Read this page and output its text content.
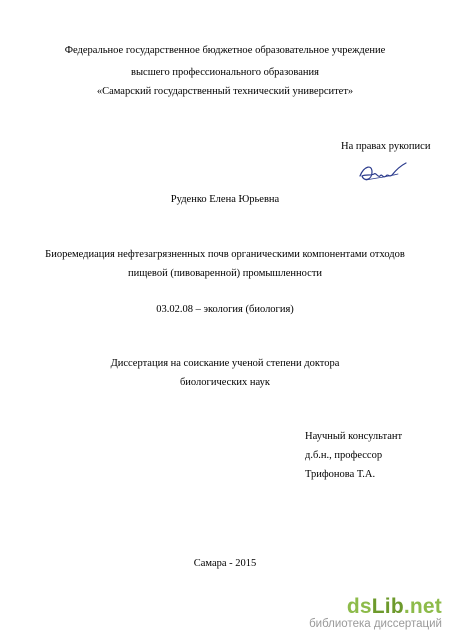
Федеральное государственное бюджетное образовательное учреждение
высшего профессионального образования
«Самарский государственный технический университет»
На правах рукописи
Руденко Елена Юрьевна
Биоремедиация нефтезагрязненных почв органическими компонентами отходов
пищевой (пивоваренной) промышленности
03.02.08 – экология (биология)
Диссертация на соискание ученой степени доктора
биологических наук
Научный консультант
д.б.н., профессор
Трифонова Т.А.
Самара - 2015
dsLib.net
библиотека диссертаций
